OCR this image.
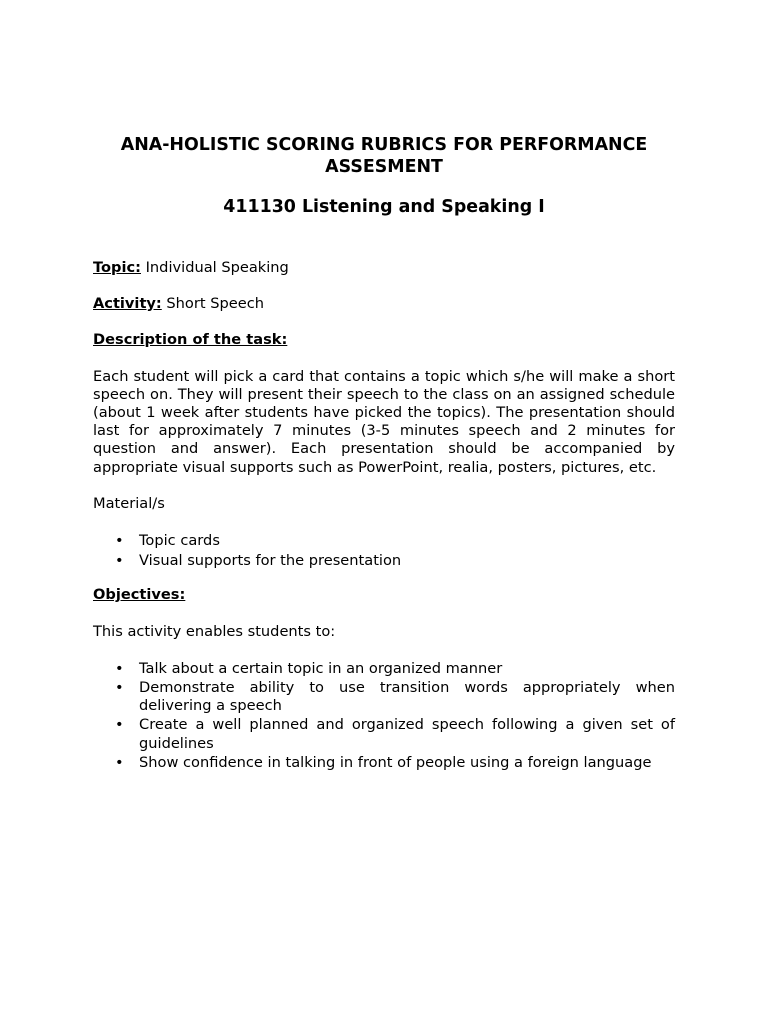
ANA-HOLISTIC SCORING RUBRICS FOR PERFORMANCE ASSESMENT

411130 Listening and Speaking I

Topic: Individual Speaking

Activity: Short Speech

Description of the task:

Each student will pick a card that contains a topic which s/he will make a short speech on. They will present their speech to the class on an assigned schedule (about 1 week after students have picked the topics). The presentation should last for approximately 7 minutes (3-5 minutes speech and 2 minutes for question and answer). Each presentation should be accompanied by appropriate visual supports such as PowerPoint, realia, posters, pictures, etc.

Material/s

• Topic cards
• Visual supports for the presentation

Objectives:

This activity enables students to:

• Talk about a certain topic in an organized manner
• Demonstrate ability to use transition words appropriately when delivering a speech
• Create a well planned and organized speech following a given set of guidelines
• Show confidence in talking in front of people using a foreign language
